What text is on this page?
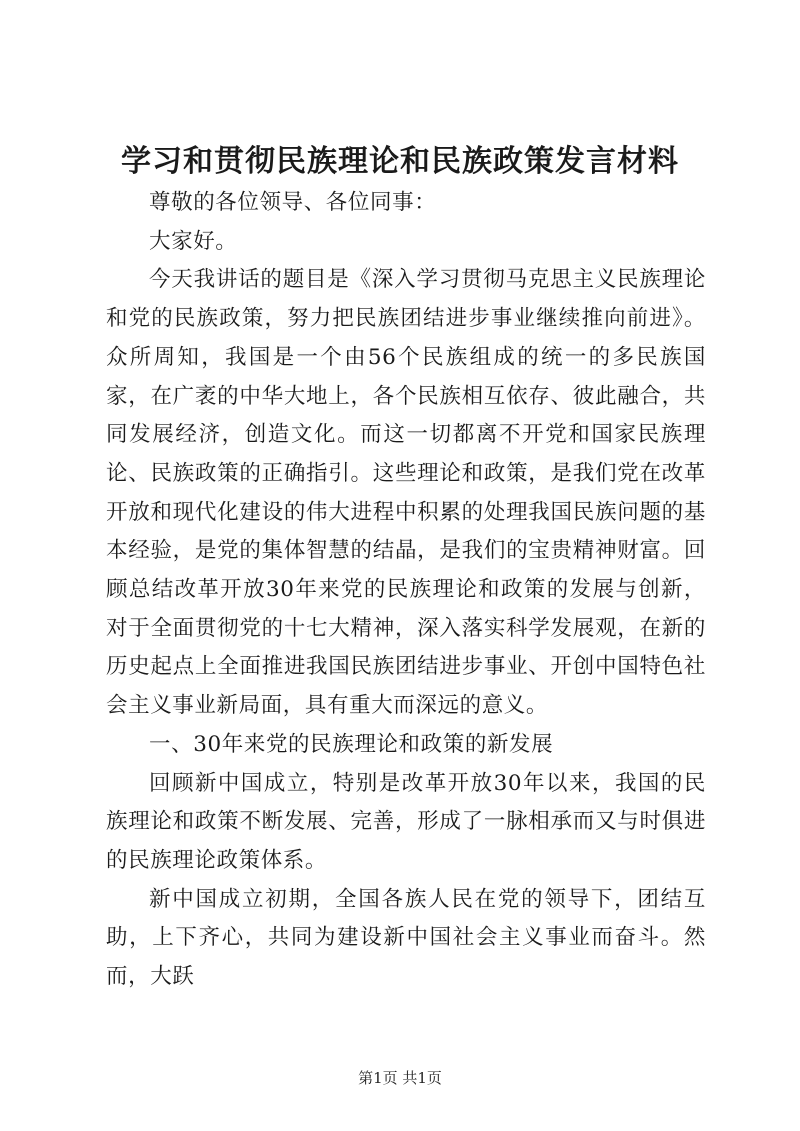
学习和贯彻民族理论和民族政策发言材料

尊敬的各位领导、各位同事：

大家好。

今天我讲话的题目是《深入学习贯彻马克思主义民族理论和党的民族政策，努力把民族团结进步事业继续推向前进》。众所周知，我国是一个由56个民族组成的统一的多民族国家，在广袤的中华大地上，各个民族相互依存、彼此融合，共同发展经济，创造文化。而这一切都离不开党和国家民族理论、民族政策的正确指引。这些理论和政策，是我们党在改革开放和现代化建设的伟大进程中积累的处理我国民族问题的基本经验，是党的集体智慧的结晶，是我们的宝贵精神财富。回顾总结改革开放30年来党的民族理论和政策的发展与创新，对于全面贯彻党的十七大精神，深入落实科学发展观，在新的历史起点上全面推进我国民族团结进步事业、开创中国特色社会主义事业新局面，具有重大而深远的意义。

一、30年来党的民族理论和政策的新发展

回顾新中国成立，特别是改革开放30年以来，我国的民族理论和政策不断发展、完善，形成了一脉相承而又与时俱进的民族理论政策体系。

新中国成立初期，全国各族人民在党的领导下，团结互助，上下齐心，共同为建设新中国社会主义事业而奋斗。然而，大跃

第1页 共1页
